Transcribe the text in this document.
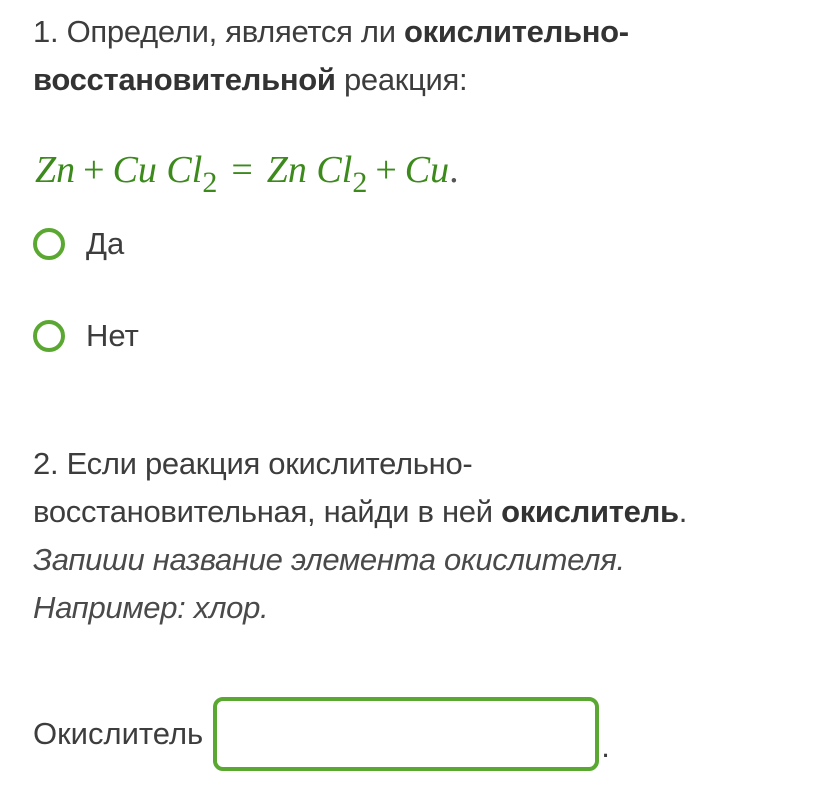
1. Определи, является ли окислительно-
восстановительной реакция:
Zn + Cu $Cl_2 = Zn$ $Cl_2 + Cu$.
Да
Нет
2. Если реакция окислительно-
восстановительная, найди в ней окислитель.
Запиши название элемента окислителя.
Например: хлор.
Окислитель	.
